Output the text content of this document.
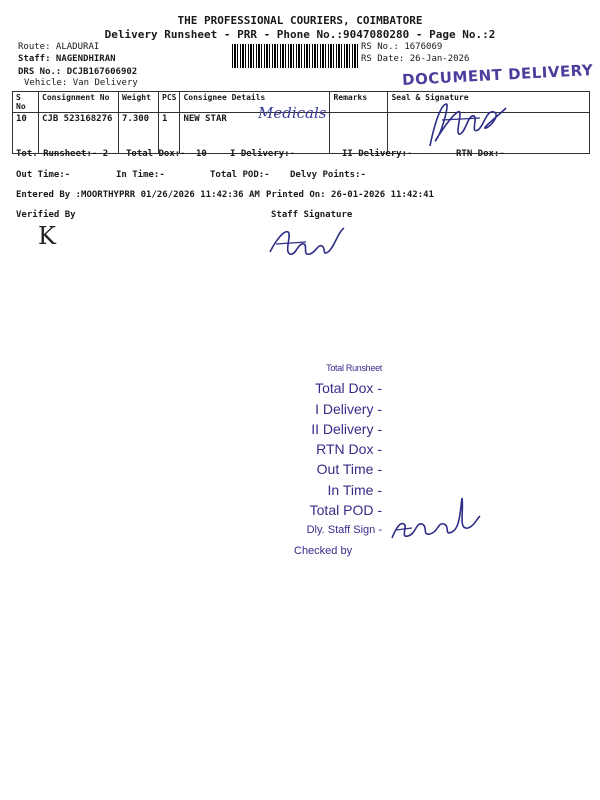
THE PROFESSIONAL COURIERS, COIMBATORE
Delivery Runsheet - PRR - Phone No.:9047080280 - Page No.:2
Route: ALADURAI
Staff: NAGENDHIRAN
DRS No.: DCJB167606902
Vehicle: Van Delivery
RS No.: 1676069
RS Date: 26-Jan-2026
DOCUMENT DELIVERY
S No	Consignment No	Weight	PCS	Consignee Details	Remarks	Seal & Signature
10	CJB 523168276	7.300	1	NEW STAR		Medicals
Tot. Runsheet:- 2 Total Dox:- 10	I Delivery:-	II Delivery:-	RTN Dox:-
Out Time:-	In Time:-	Total POD:- Delvy Points:-
Entered By :MOORTHYPRR 01/26/2026 11:42:36 AM Printed On: 26-01-2026 11:42:41
Verified By
K
Staff Signature
Total Runsheet
Total Dox -
I Delivery -
II Delivery -
RTN Dox -
Out Time -
In Time -
Total POD -
Dly. Staff Sign -
Checked by
